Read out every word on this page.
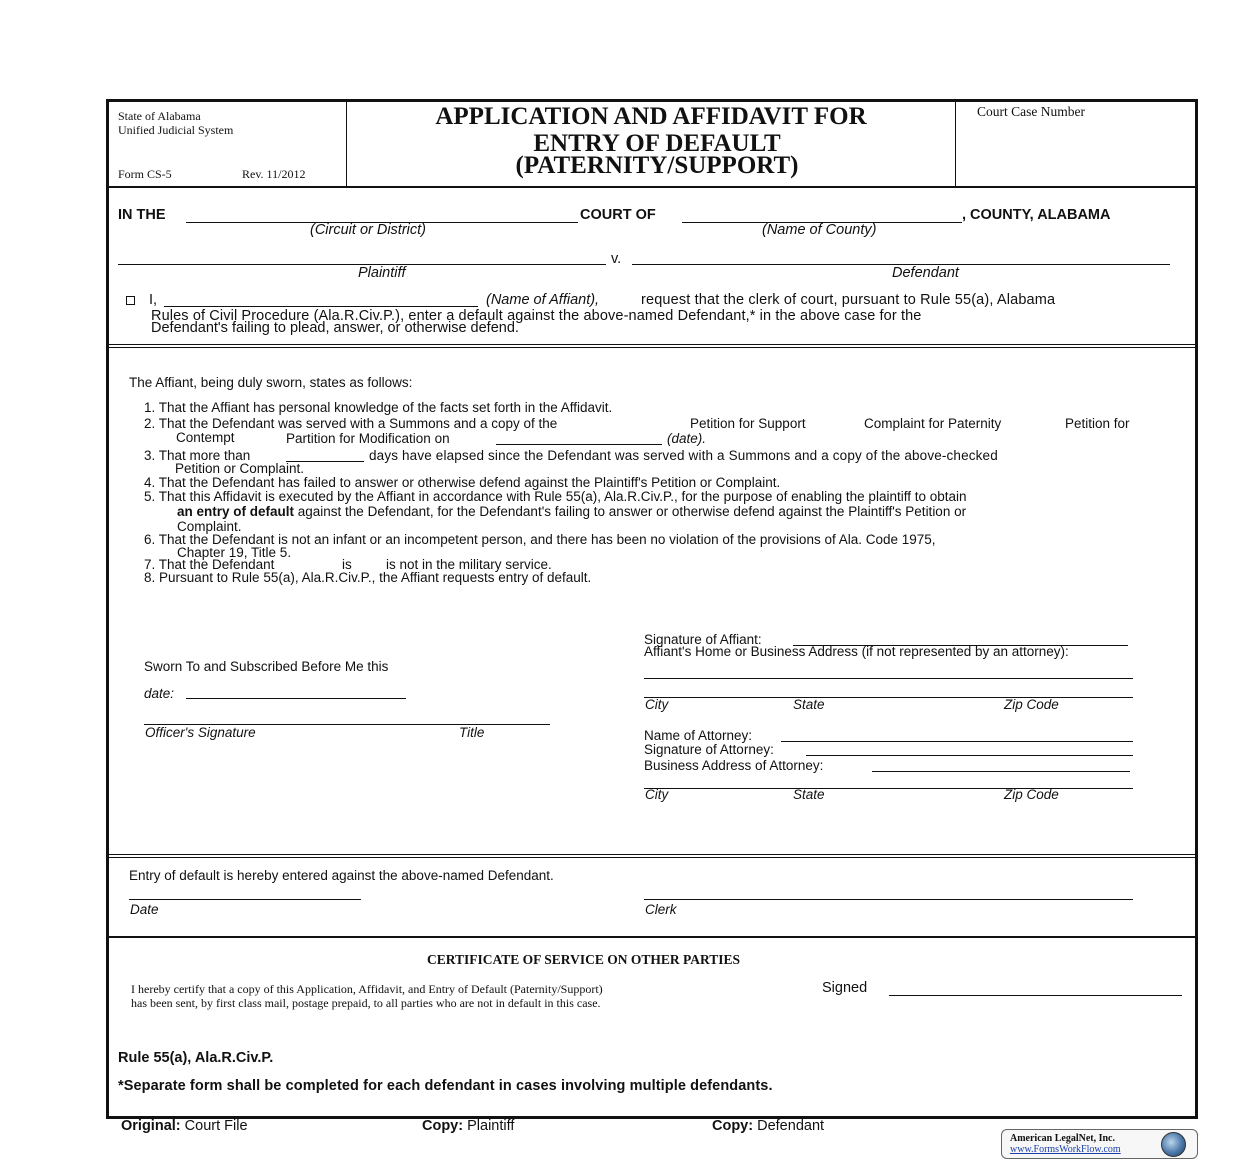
State of Alabama
Unified Judicial System
Form CS-5	Rev. 11/2012
APPLICATION AND AFFIDAVIT FOR
ENTRY OF DEFAULT
(PATERNITY/SUPPORT)
Court Case Number
IN THE	COURT OF	, COUNTY, ALABAMA
(Circuit or District)	(Name of County)
v.
Plaintiff	Defendant
I,	(Name of Affiant),	request that the clerk of court, pursuant to Rule 55(a), Alabama
Rules of Civil Procedure (Ala.R.Civ.P.), enter a default against the above-named Defendant,* in the above case for the
Defendant's failing to plead, answer, or otherwise defend.
The Affiant, being duly sworn, states as follows:
1. That the Affiant has personal knowledge of the facts set forth in the Affidavit.
2. That the Defendant was served with a Summons and a copy of the	Petition for Support	Complaint for Paternity	Petition for
Contempt	Partition for Modification on	(date).
3. That more than	days have elapsed since the Defendant was served with a Summons and a copy of the above-checked
Petition or Complaint.
4. That the Defendant has failed to answer or otherwise defend against the Plaintiff's Petition or Complaint.
5. That this Affidavit is executed by the Affiant in accordance with Rule 55(a), Ala.R.Civ.P., for the purpose of enabling the plaintiff to obtain
an entry of default against the Defendant, for the Defendant's failing to answer or otherwise defend against the Plaintiff's Petition or
Complaint.
6. That the Defendant is not an infant or an incompetent person, and there has been no violation of the provisions of Ala. Code 1975,
Chapter 19, Title 5.
7. That the Defendant	is	is not in the military service.
8. Pursuant to Rule 55(a), Ala.R.Civ.P., the Affiant requests entry of default.
Signature of Affiant:
Affiant's Home or Business Address (if not represented by an attorney):
City	State	Zip Code
Name of Attorney:
Signature of Attorney:
Business Address of Attorney:
City	State	Zip Code
Sworn To and Subscribed Before Me this
date:
Officer's Signature	Title
Entry of default is hereby entered against the above-named Defendant.
Date	Clerk
CERTIFICATE OF SERVICE ON OTHER PARTIES
I hereby certify that a copy of this Application, Affidavit, and Entry of Default (Paternity/Support)
has been sent, by first class mail, postage prepaid, to all parties who are not in default in this case.
Signed
Rule 55(a), Ala.R.Civ.P.
*Separate form shall be completed for each defendant in cases involving multiple defendants.
Original: Court File	Copy: Plaintiff	Copy: Defendant
American LegalNet, Inc.
www.FormsWorkFlow.com
